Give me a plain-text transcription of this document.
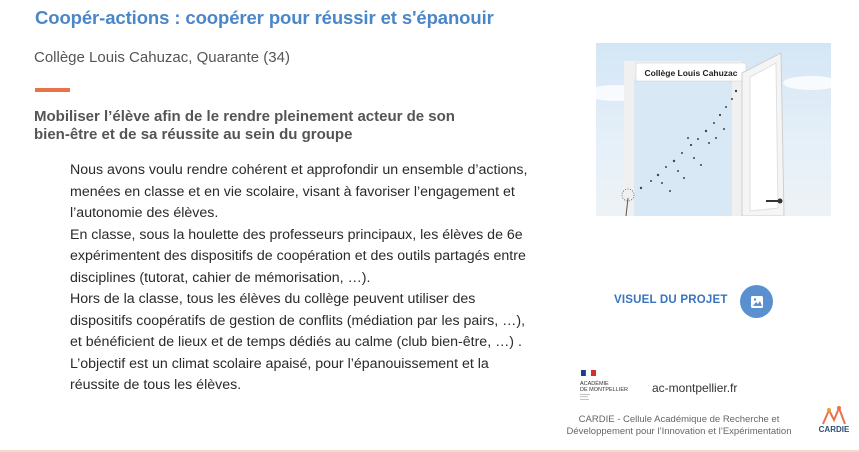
Coopér-actions : coopérer pour réussir et s'épanouir
Collège Louis Cahuzac, Quarante (34)
Mobiliser l’élève afin de le rendre pleinement acteur de son
bien-être et de sa réussite au sein du groupe

Nous avons voulu rendre cohérent et approfondir un ensemble d’actions, menées en classe et en vie scolaire, visant à favoriser l’engagement et l’autonomie des élèves.

En classe, sous la houlette des professeurs principaux, les élèves de 6e expérimentent des dispositifs de coopération et des outils partagés entre disciplines (tutorat, cahier de mémorisation, …).

Hors de la classe, tous les élèves du collège peuvent utiliser des dispositifs coopératifs de gestion de conflits (médiation par les pairs, …), et bénéficient de lieux et de temps dédiés au calme (club bien-être, …) .

L’objectif est un climat scolaire apaisé, pour l’épanouissement et la réussite de tous les élèves.

Collège Louis Cahuzac
VISUEL DU PROJET
ACADÉMIE
DE MONTPELLIER ac-montpellier.fr
CARDIE - Cellule Académique de Recherche et
Développement pour l’Innovation et l’Expérimentation	CARDIE
